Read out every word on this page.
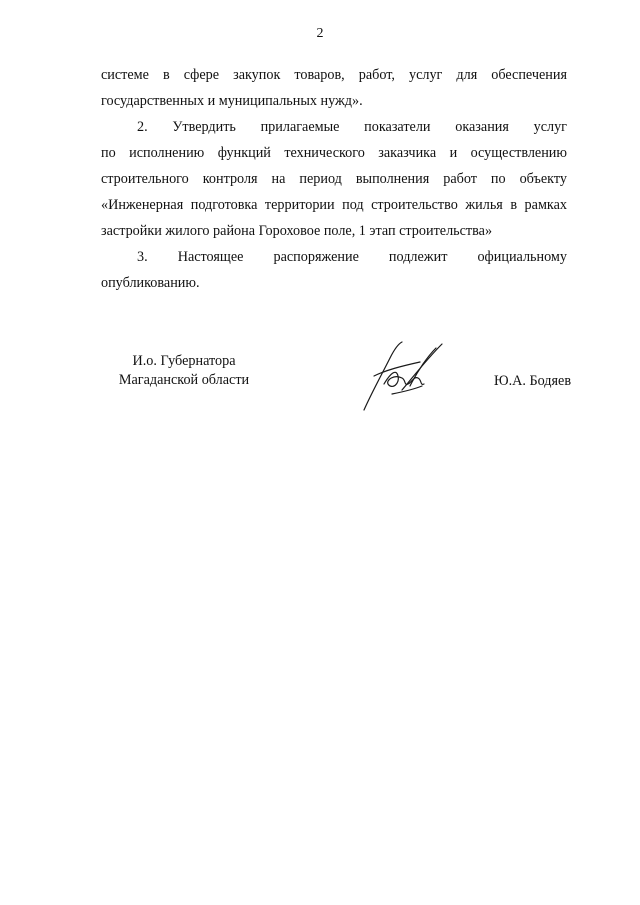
2
системе в сфере закупок товаров, работ, услуг для обеспечения
государственных и муниципальных нужд».
2. Утвердить прилагаемые показатели оказания услуг
по исполнению функций технического заказчика и осуществлению
строительного контроля на период выполнения работ по объекту
«Инженерная подготовка территории под строительство жилья в рамках
застройки жилого района Гороховое поле, 1 этап строительства»
3. Настоящее распоряжение подлежит официальному
опубликованию.
И.о. Губернатора
Магаданской области	Ю.А. Бодяев
